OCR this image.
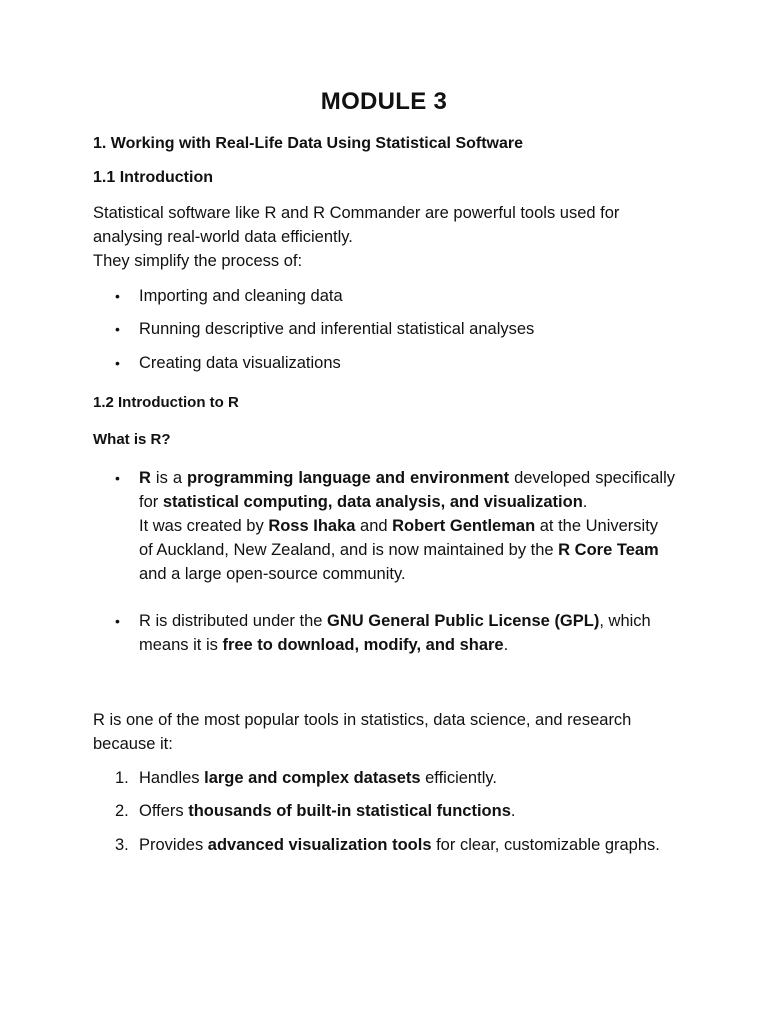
MODULE 3
1. Working with Real-Life Data Using Statistical Software
1.1 Introduction

Statistical software like R and R Commander are powerful tools used for analysing real-world data efficiently.
They simplify the process of:

• Importing and cleaning data
• Running descriptive and inferential statistical analyses
• Creating data visualizations
1.2 Introduction to R
What is R?
• R is a programming language and environment developed specifically for statistical computing, data analysis, and visualization.
It was created by Ross Ihaka and Robert Gentleman at the University of Auckland, New Zealand, and is now maintained by the R Core Team and a large open-source community.
• R is distributed under the GNU General Public License (GPL), which means it is free to download, modify, and share.

R is one of the most popular tools in statistics, data science, and research because it:

1. Handles large and complex datasets efficiently.
2. Offers thousands of built-in statistical functions.
3. Provides advanced visualization tools for clear, customizable graphs.
